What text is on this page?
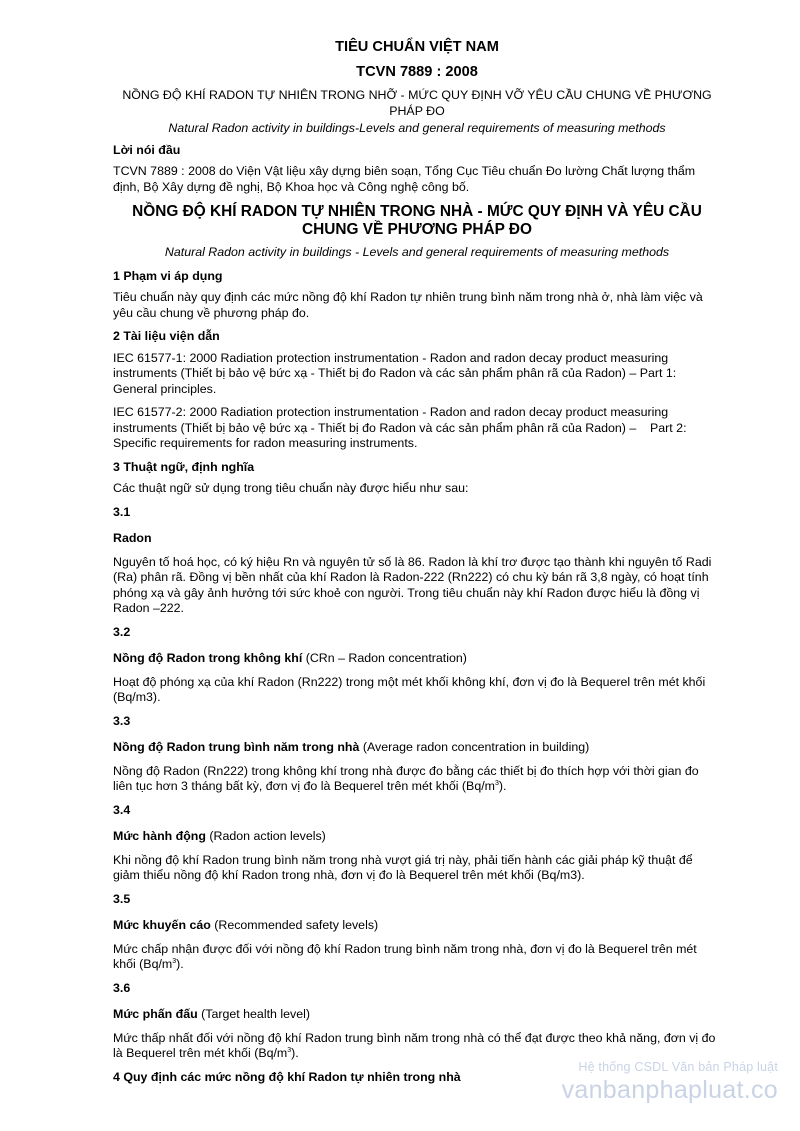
TIÊU CHUẨN VIỆT NAM
TCVN 7889 : 2008
NỒNG ĐỘ KHÍ RADON TỰ NHIÊN TRONG NHỠ - MỨC QUY ĐỊNH VỠ YÊU CẦU CHUNG VỀ PHƯƠNG PHÁP ĐO
Natural Radon activity in buildings-Levels and general requirements of measuring methods
Lời nói đầu

TCVN 7889 : 2008 do Viện Vật liệu xây dựng biên soạn, Tổng Cục Tiêu chuẩn Đo lường Chất lượng thẩm định, Bộ Xây dựng đề nghị, Bộ Khoa học và Công nghệ công bố.

NỒNG ĐỘ KHÍ RADON TỰ NHIÊN TRONG NHÀ - MỨC QUY ĐỊNH VÀ YÊU CẦU CHUNG VỀ PHƯƠNG PHÁP ĐO
Natural Radon activity in buildings - Levels and general requirements of measuring methods
1 Phạm vi áp dụng

Tiêu chuẩn này quy định các mức nồng độ khí Radon tự nhiên trung bình năm trong nhà ở, nhà làm việc và yêu cầu chung về phương pháp đo.

2 Tài liệu viện dẫn

IEC 61577-1: 2000 Radiation protection instrumentation - Radon and radon decay product measuring instruments (Thiết bị bảo vệ bức xạ - Thiết bị đo Radon và các sản phẩm phân rã của Radon) – Part 1: General principles.

IEC 61577-2: 2000 Radiation protection instrumentation - Radon and radon decay product measuring instruments (Thiết bị bảo vệ bức xạ - Thiết bị đo Radon và các sản phẩm phân rã của Radon) –    Part 2: Specific requirements for radon measuring instruments.

3 Thuật ngữ, định nghĩa

Các thuật ngữ sử dụng trong tiêu chuẩn này được hiểu như sau:

3.1
Radon

Nguyên tố hoá học, có ký hiệu Rn và nguyên tử số là 86. Radon là khí trơ được tạo thành khi nguyên tố Radi (Ra) phân rã. Đồng vị bền nhất của khí Radon là Radon-222 (Rn222) có chu kỳ bán rã 3,8 ngày, có hoạt tính phóng xạ và gây ảnh hưởng tới sức khoẻ con người. Trong tiêu chuẩn này khí Radon được hiểu là đồng vị Radon –222.

3.2
Nồng độ Radon trong không khí (CRn – Radon concentration)

Hoạt độ phóng xạ của khí Radon (Rn222) trong một mét khối không khí, đơn vị đo là Bequerel trên mét khối (Bq/m3).

3.3
Nồng độ Radon trung bình năm trong nhà (Average radon concentration in building)

Nồng độ Radon (Rn222) trong không khí trong nhà được đo bằng các thiết bị đo thích hợp với thời gian đo liên tục hơn 3 tháng bất kỳ, đơn vị đo là Bequerel trên mét khối $(Bq/m^3)$.

3.4
Mức hành động (Radon action levels)

Khi nồng độ khí Radon trung bình năm trong nhà vượt giá trị này, phải tiến hành các giải pháp kỹ thuật để giảm thiểu nồng độ khí Radon trong nhà, đơn vị đo là Bequerel trên mét khối (Bq/m3).

3.5
Mức khuyến cáo (Recommended safety levels)

Mức chấp nhận được đối với nồng độ khí Radon trung bình năm trong nhà, đơn vị đo là Bequerel trên mét khối $(Bq/m^3)$.

3.6
Mức phấn đấu (Target health level)

Mức thấp nhất đối với nồng độ khí Radon trung bình năm trong nhà có thể đạt được theo khả năng, đơn vị đo là Bequerel trên mét khối $(Bq/m^3)$.

4 Quy định các mức nồng độ khí Radon tự nhiên trong nhà
Hệ thống CSDL Văn bản Pháp luật
vanbanphapluat.co
